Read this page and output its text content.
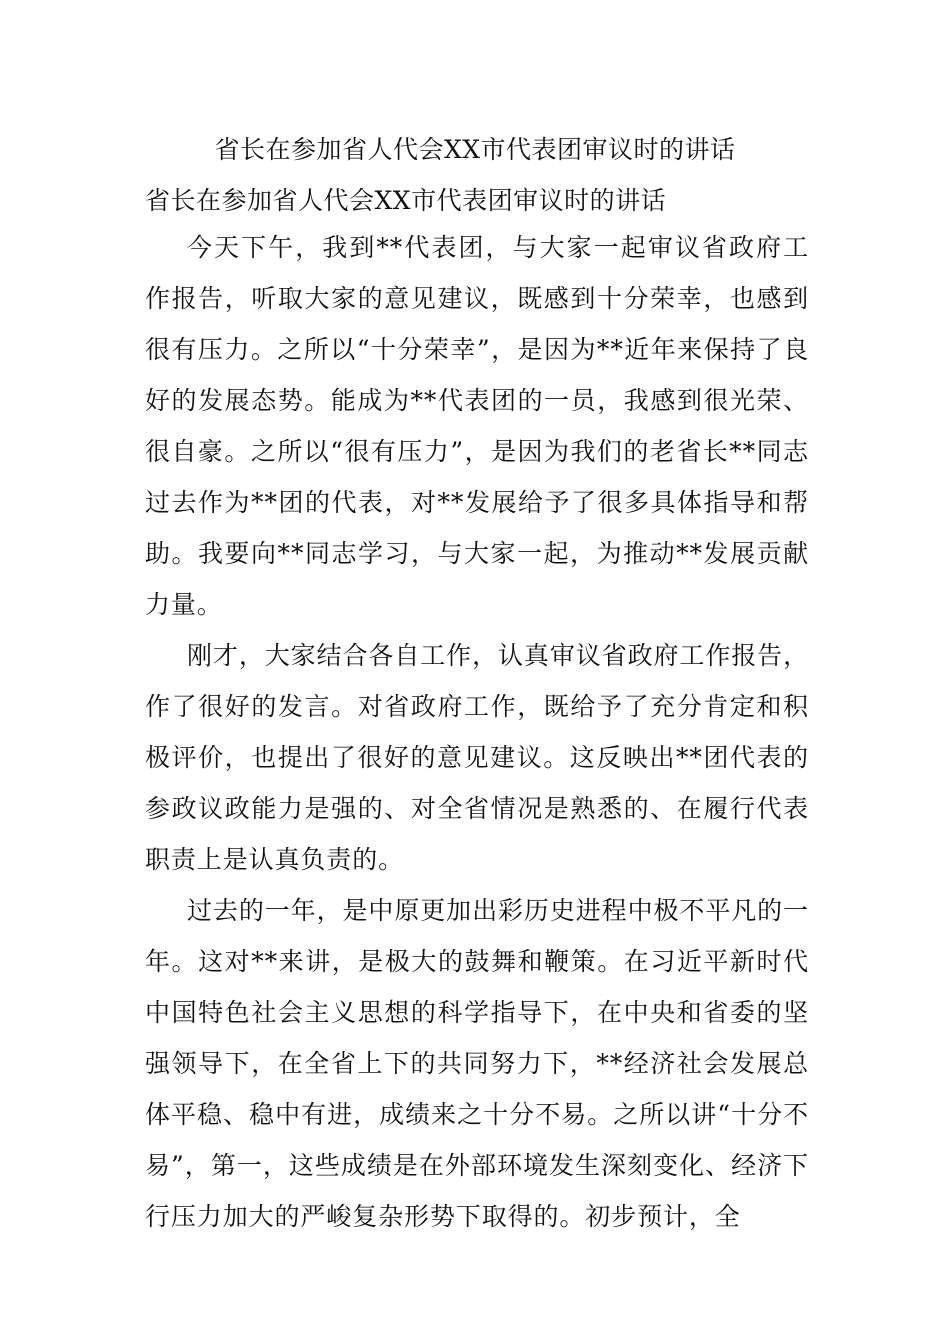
省长在参加省人代会XX市代表团审议时的讲话
省长在参加省人代会XX市代表团审议时的讲话

今天下午，我到**代表团，与大家一起审议省政府工作报告，听取大家的意见建议，既感到十分荣幸，也感到很有压力。之所以“十分荣幸”，是因为**近年来保持了良好的发展态势。能成为**代表团的一员，我感到很光荣、很自豪。之所以“很有压力”，是因为我们的老省长**同志过去作为**团的代表，对**发展给予了很多具体指导和帮助。我要向**同志学习，与大家一起，为推动**发展贡献力量。

刚才，大家结合各自工作，认真审议省政府工作报告，作了很好的发言。对省政府工作，既给予了充分肯定和积极评价，也提出了很好的意见建议。这反映出**团代表的参政议政能力是强的、对全省情况是熟悉的、在履行代表职责上是认真负责的。

过去的一年，是中原更加出彩历史进程中极不平凡的一年。这对**来讲，是极大的鼓舞和鞭策。在习近平新时代中国特色社会主义思想的科学指导下，在中央和省委的坚强领导下，在全省上下的共同努力下，**经济社会发展总体平稳、稳中有进，成绩来之十分不易。之所以讲“十分不易”，第一，这些成绩是在外部环境发生深刻变化、经济下行压力加大的严峻复杂形势下取得的。初步预计，全
